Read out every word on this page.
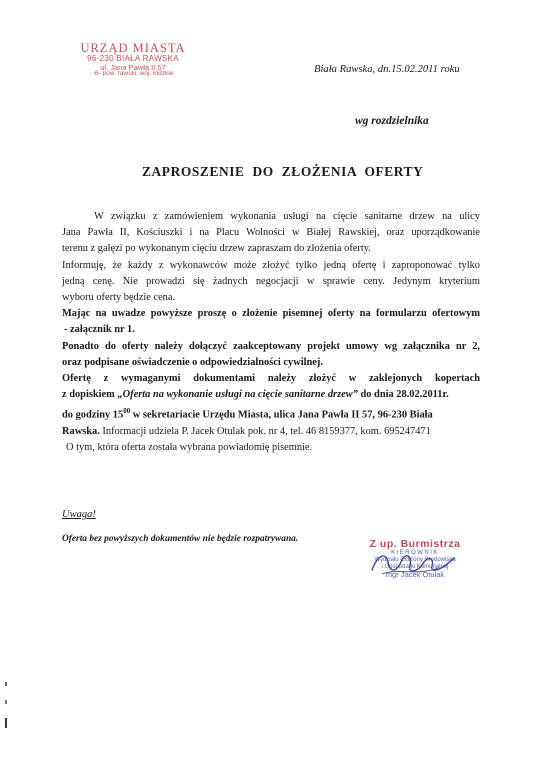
URZĄD MIASTA
96-230 BIAŁA RAWSKA
ul. Jana Pawła II 57
-6- pow. rawski, woj. łódzkie	Biała Rawska, dn.15.02.2011 roku
wg rozdzielnika
ZAPROSZENIE DO ZŁOŻENIA OFERTY
W związku z zamówieniem wykonania usługi na cięcie sanitarne drzew na ulicy
Jana Pawła II, Kościuszki i na Placu Wolności w Białej Rawskiej, oraz uporządkowanie
terenu z gałęzi po wykonanym cięciu drzew zapraszam do złożenia oferty.
Informuję, że każdy z wykonawców może złożyć tylko jedną ofertę i zaproponować tylko
jedną cenę. Nie prowadzi się żadnych negocjacji w sprawie ceny. Jedynym kryterium
wyboru oferty będzie cena.
Mając na uwadze powyższe proszę o złożenie pisemnej oferty na formularzu ofertowym
- załącznik nr 1.
Ponadto do oferty należy dołączyć zaakceptowany projekt umowy wg załącznika nr 2,
oraz podpisane oświadczenie o odpowiedzialności cywilnej.
Ofertę z wymaganymi dokumentami należy złożyć w zaklejonych kopertach
z dopiskiem „Oferta na wykonanie usługi na cięcie sanitarne drzew” do dnia 28.02.2011r.
do godziny $15^{00}$ w sekretariacie Urzędu Miasta, ulica Jana Pawła II 57, 96-230 Biała
Rawska. Informacji udziela P. Jacek Otulak pok. nr 4, tel. 46 8159377, kom. 695247471
O tym, która oferta została wybrana powiadomię pisemnie.
Uwaga!
Oferta bez powyższych dokumentów nie będzie rozpatrywana.	Z up. Burmistrza
KIEROWNIK
Wydziału Ochrony Środowiska
i Gospodarki Komunalnej
mgr Jacek Otulak
